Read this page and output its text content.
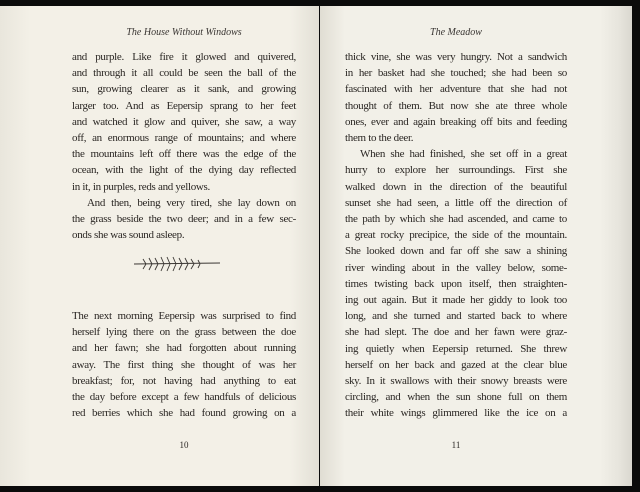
The House Without Windows
and purple. Like fire it glowed and quivered,
and through it all could be seen the ball of the
sun, growing clearer as it sank, and growing
larger too. And as Eepersip sprang to her feet
and watched it glow and quiver, she saw, a way
off, an enormous range of mountains; and where
the mountains left off there was the edge of the
ocean, with the light of the dying day reflected
in it, in purples, reds and yellows.
And then, being very tired, she lay down on
the grass beside the two deer; and in a few sec-
onds she was sound asleep.
The next morning Eepersip was surprised to find
herself lying there on the grass between the doe
and her fawn; she had forgotten about running
away. The first thing she thought of was her
breakfast; for, not having had anything to eat
the day before except a few handfuls of delicious
red berries which she had found growing on a
10
The Meadow
thick vine, she was very hungry. Not a sandwich
in her basket had she touched; she had been so
fascinated with her adventure that she had not
thought of them. But now she ate three whole
ones, ever and again breaking off bits and feeding
them to the deer.
When she had finished, she set off in a great
hurry to explore her surroundings. First she
walked down in the direction of the beautiful
sunset she had seen, a little off the direction of
the path by which she had ascended, and came to
a great rocky precipice, the side of the mountain.
She looked down and far off she saw a shining
river winding about in the valley below, some-
times twisting back upon itself, then straighten-
ing out again. But it made her giddy to look too
long, and she turned and started back to where
she had slept. The doe and her fawn were graz-
ing quietly when Eepersip returned. She threw
herself on her back and gazed at the clear blue
sky. In it swallows with their snowy breasts were
circling, and when the sun shone full on them
their white wings glimmered like the ice on a
11
